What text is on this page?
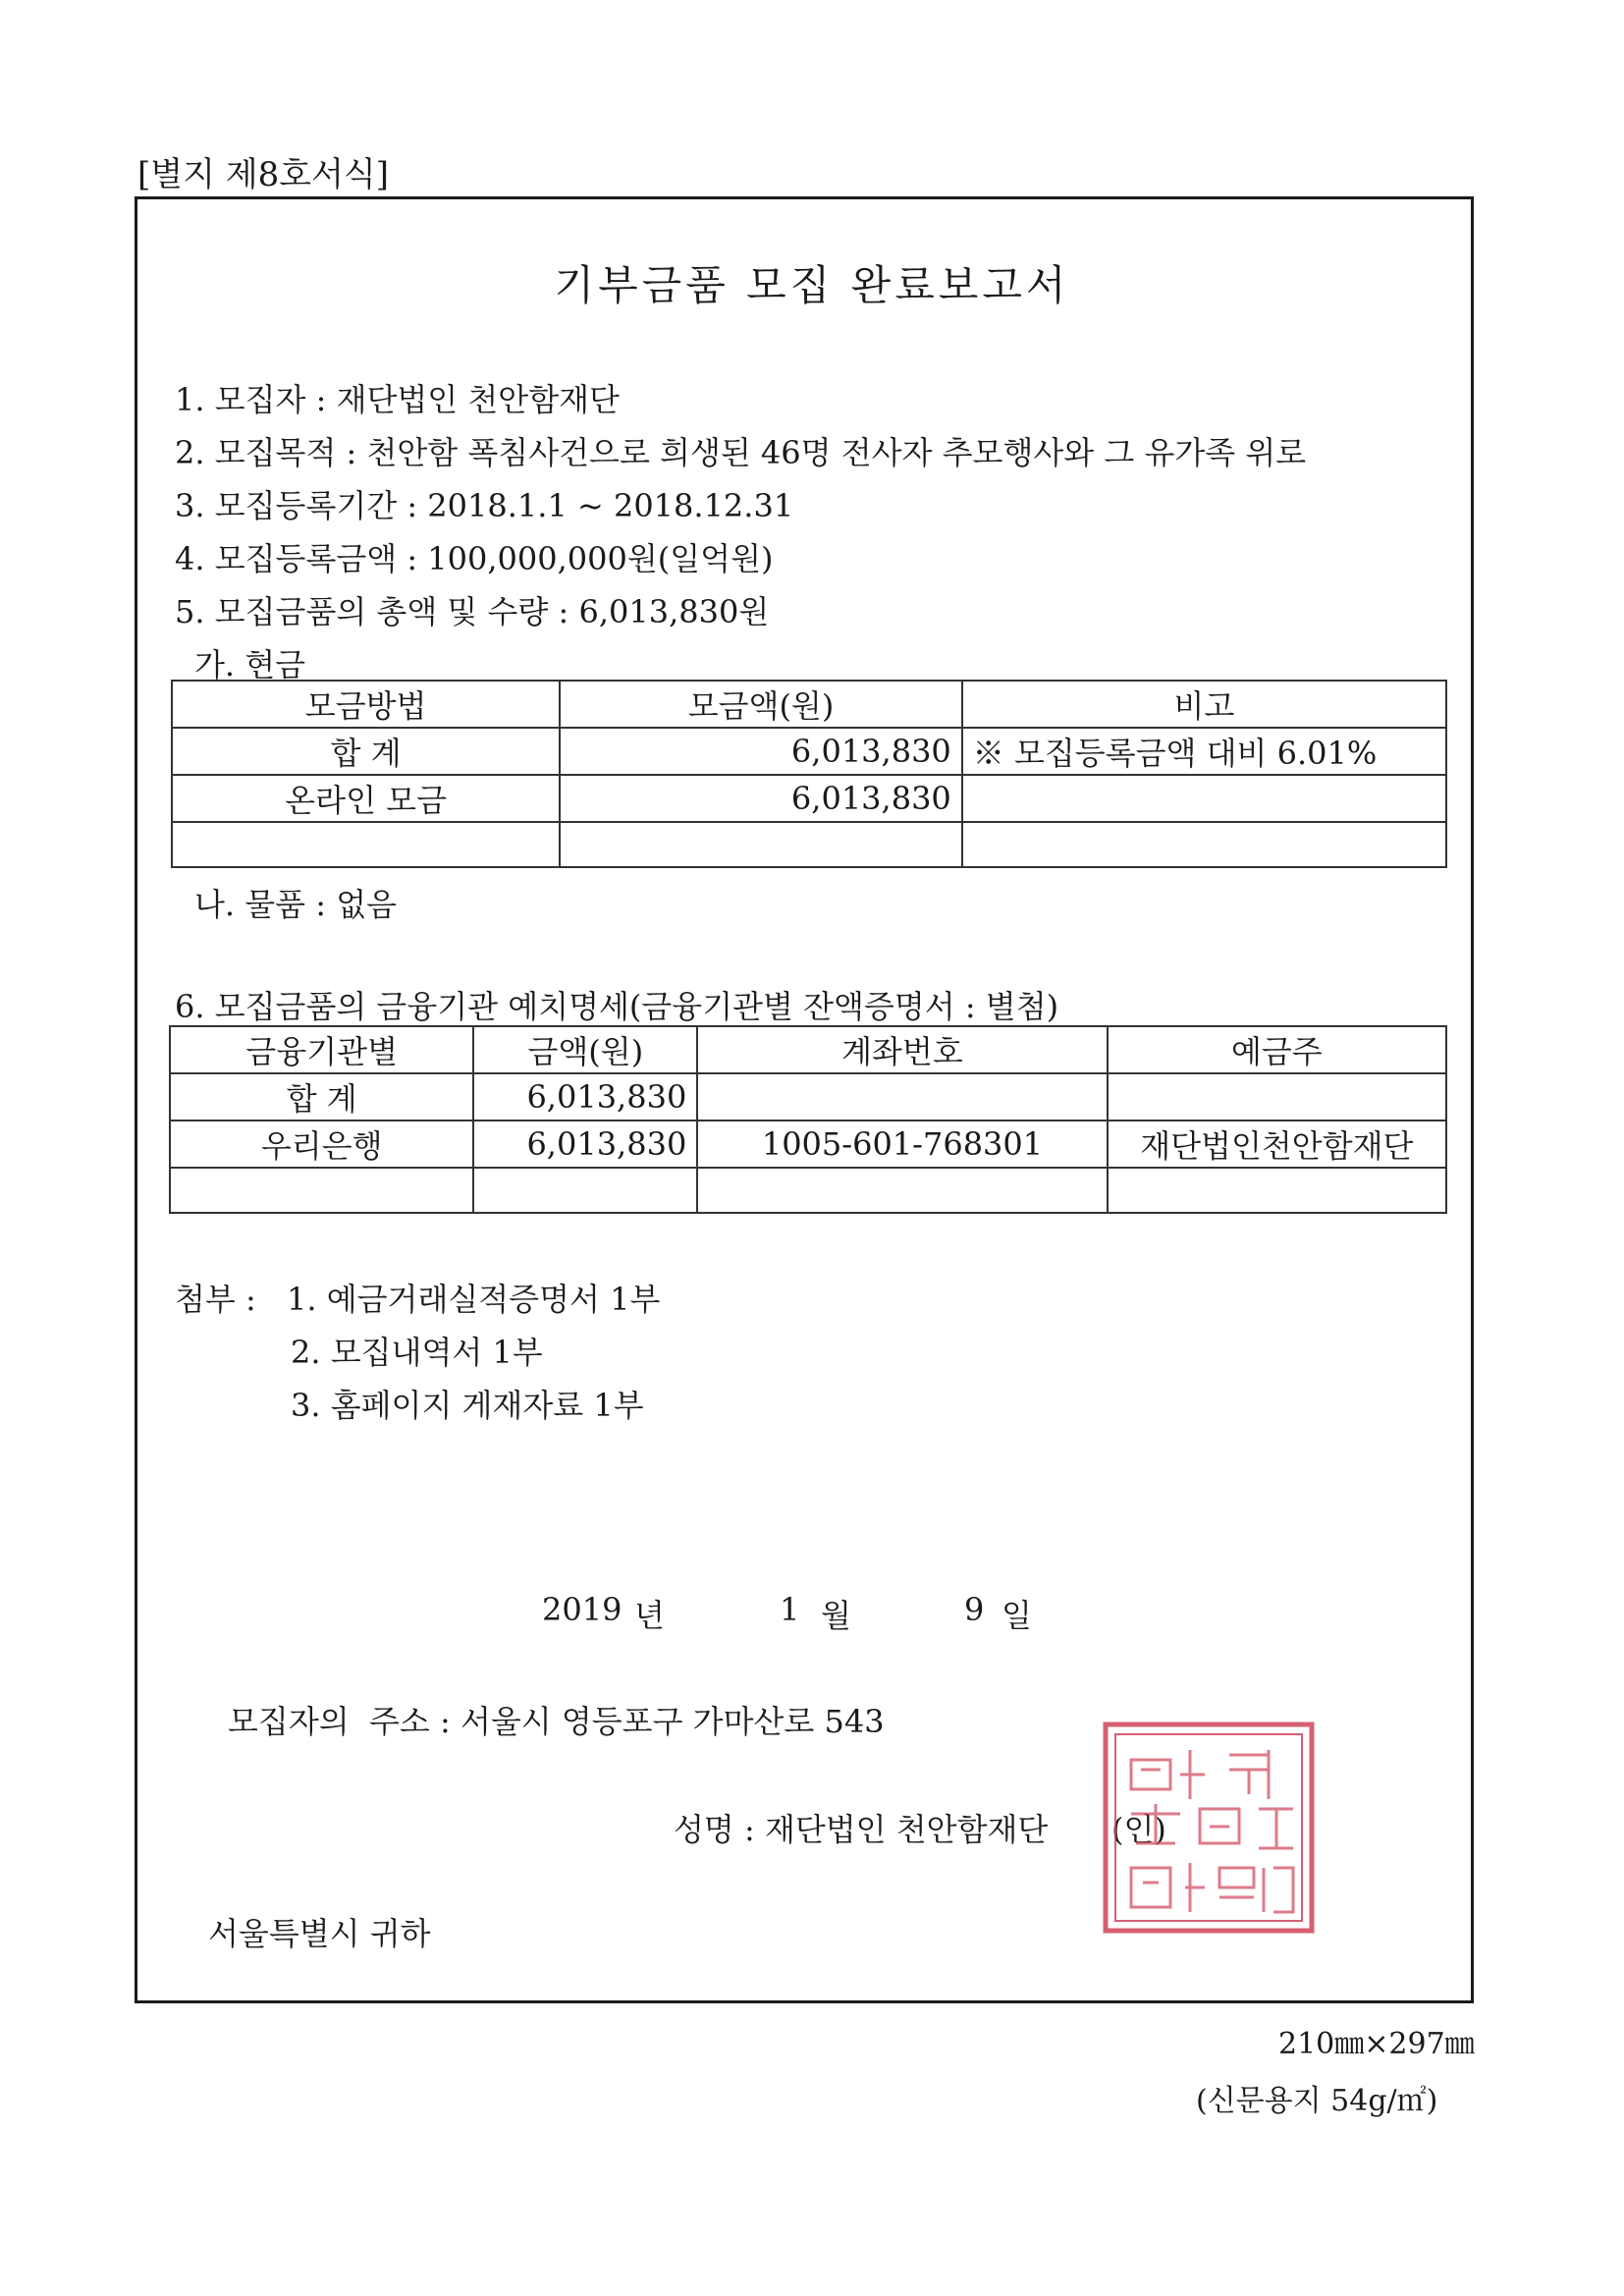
[별지 제8호서식]
기부금품 모집 완료보고서
1. 모집자 : 재단법인 천안함재단
2. 모집목적 : 천안함 폭침사건으로 희생된 46명 전사자 추모행사와 그 유가족 위로
3. 모집등록기간 : 2018.1.1 ~ 2018.12.31
4. 모집등록금액 : 100,000,000원(일억원)
5. 모집금품의 총액 및 수량 : 6,013,830원
가. 현금
모금방법	모금액(원)	비고
합 계	6,013,830	※ 모집등록금액 대비 6.01%
온라인 모금	6,013,830	

나. 물품 : 없음
6. 모집금품의 금융기관 예치명세(금융기관별 잔액증명서 : 별첨)
금융기관별	금액(원)	계좌번호	예금주
합 계	6,013,830		
우리은행	6,013,830	1005-601-768301	재단법인천안함재단

첨부 : 1. 예금거래실적증명서 1부
2. 모집내역서 1부
3. 홈페이지 게재자료 1부
2019 년	1 월	9 일
모집자의  주소 : 서울시 영등포구 가마산로 543
성명 : 재단법인 천안함재단 (인)
서울특별시 귀하
210㎜×297㎜
(신문용지 54g/㎡)
